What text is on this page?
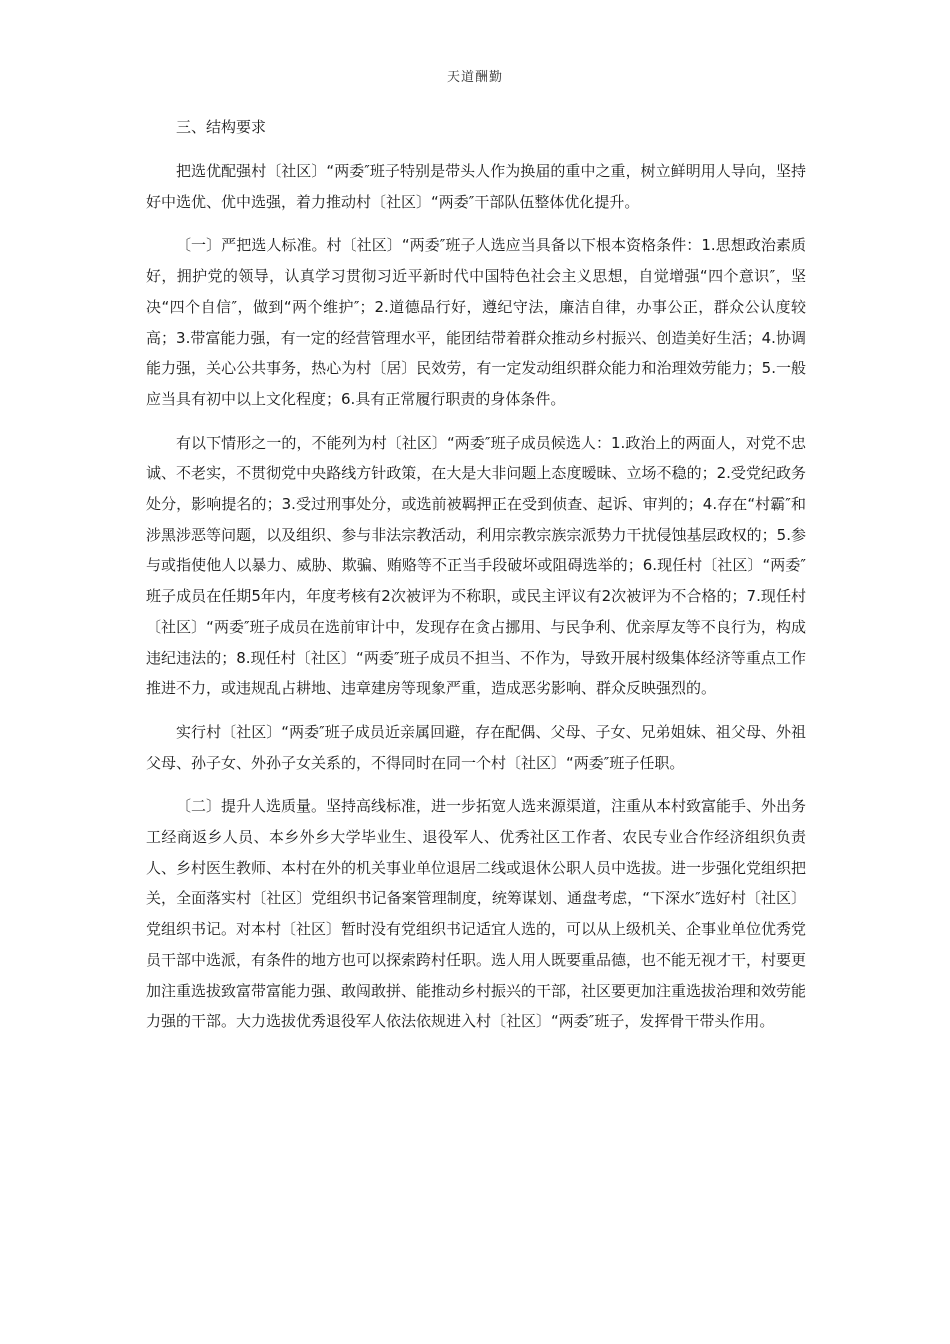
天道酬勤
三、结构要求

把选优配强村〔社区〕“两委″班子特别是带头人作为换届的重中之重，树立鲜明用人导向，坚持好中选优、优中选强，着力推动村〔社区〕“两委″干部队伍整体优化提升。

〔一〕严把选人标准。村〔社区〕“两委″班子人选应当具备以下根本资格条件：1.思想政治素质好，拥护党的领导，认真学习贯彻习近平新时代中国特色社会主义思想，自觉增强“四个意识″，坚决“四个自信″，做到“两个维护″；2.道德品行好，遵纪守法，廉洁自律，办事公正，群众公认度较高；3.带富能力强，有一定的经营管理水平，能团结带着群众推动乡村振兴、创造美好生活；4.协调能力强，关心公共事务，热心为村〔居〕民效劳，有一定发动组织群众能力和治理效劳能力；5.一般应当具有初中以上文化程度；6.具有正常履行职责的身体条件。

有以下情形之一的，不能列为村〔社区〕“两委″班子成员候选人：1.政治上的两面人，对党不忠诚、不老实，不贯彻党中央路线方针政策，在大是大非问题上态度暧昧、立场不稳的；2.受党纪政务处分，影响提名的；3.受过刑事处分，或选前被羁押正在受到侦查、起诉、审判的；4.存在“村霸″和涉黑涉恶等问题，以及组织、参与非法宗教活动，利用宗教宗族宗派势力干扰侵蚀基层政权的；5.参与或指使他人以暴力、威胁、欺骗、贿赂等不正当手段破坏或阻碍选举的；6.现任村〔社区〕“两委″班子成员在任期5年内，年度考核有2次被评为不称职，或民主评议有2次被评为不合格的；7.现任村〔社区〕“两委″班子成员在选前审计中，发现存在贪占挪用、与民争利、优亲厚友等不良行为，构成违纪违法的；8.现任村〔社区〕“两委″班子成员不担当、不作为，导致开展村级集体经济等重点工作推进不力，或违规乱占耕地、违章建房等现象严重，造成恶劣影响、群众反映强烈的。

实行村〔社区〕“两委″班子成员近亲属回避，存在配偶、父母、子女、兄弟姐妹、祖父母、外祖父母、孙子女、外孙子女关系的，不得同时在同一个村〔社区〕“两委″班子任职。

〔二〕提升人选质量。坚持高线标准，进一步拓宽人选来源渠道，注重从本村致富能手、外出务工经商返乡人员、本乡外乡大学毕业生、退役军人、优秀社区工作者、农民专业合作经济组织负责人、乡村医生教师、本村在外的机关事业单位退居二线或退休公职人员中选拔。进一步强化党组织把关，全面落实村〔社区〕党组织书记备案管理制度，统筹谋划、通盘考虑，“下深水″选好村〔社区〕党组织书记。对本村〔社区〕暂时没有党组织书记适宜人选的，可以从上级机关、企事业单位优秀党员干部中选派，有条件的地方也可以探索跨村任职。选人用人既要重品德，也不能无视才干，村要更加注重选拔致富带富能力强、敢闯敢拼、能推动乡村振兴的干部，社区要更加注重选拔治理和效劳能力强的干部。大力选拔优秀退役军人依法依规进入村〔社区〕“两委″班子，发挥骨干带头作用。
